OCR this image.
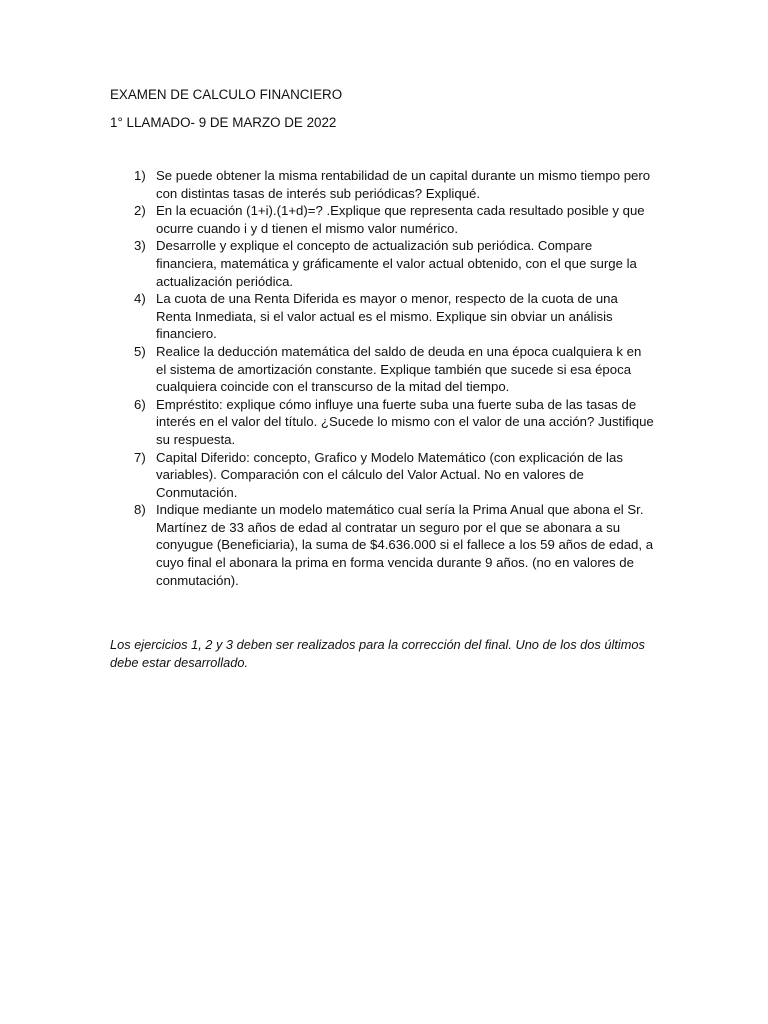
EXAMEN DE CALCULO FINANCIERO
1° LLAMADO- 9 DE MARZO DE 2022
1) Se puede obtener la misma rentabilidad de un capital durante un mismo tiempo pero con distintas tasas de interés sub periódicas? Expliqué.
2) En la ecuación (1+i).(1+d)=? .Explique que representa cada resultado posible y que ocurre cuando i y d tienen el mismo valor numérico.
3) Desarrolle y explique el concepto de actualización sub periódica. Compare financiera, matemática y gráficamente el valor actual obtenido, con el que surge la actualización periódica.
4) La cuota de una Renta Diferida es mayor o menor, respecto de la cuota de una Renta Inmediata, si el valor actual es el mismo. Explique sin obviar un análisis financiero.
5) Realice la deducción matemática del saldo de deuda en una época cualquiera k en el sistema de amortización constante. Explique también que sucede si esa época cualquiera coincide con el transcurso de la mitad del tiempo.
6) Empréstito: explique cómo influye una fuerte suba una fuerte suba de las tasas de interés en el valor del título. ¿Sucede lo mismo con el valor de una acción? Justifique su respuesta.
7) Capital Diferido: concepto, Grafico y Modelo Matemático (con explicación de las variables). Comparación con el cálculo del Valor Actual. No en valores de Conmutación.
8) Indique mediante un modelo matemático cual sería la Prima Anual que abona el Sr. Martínez de 33 años de edad al contratar un seguro por el que se abonara a su conyugue (Beneficiaria), la suma de $4.636.000 si el fallece a los 59 años de edad, a cuyo final el abonara la prima en forma vencida durante 9 años. (no en valores de conmutación).

Los ejercicios 1, 2 y 3 deben ser realizados para la corrección del final. Uno de los dos últimos debe estar desarrollado.
